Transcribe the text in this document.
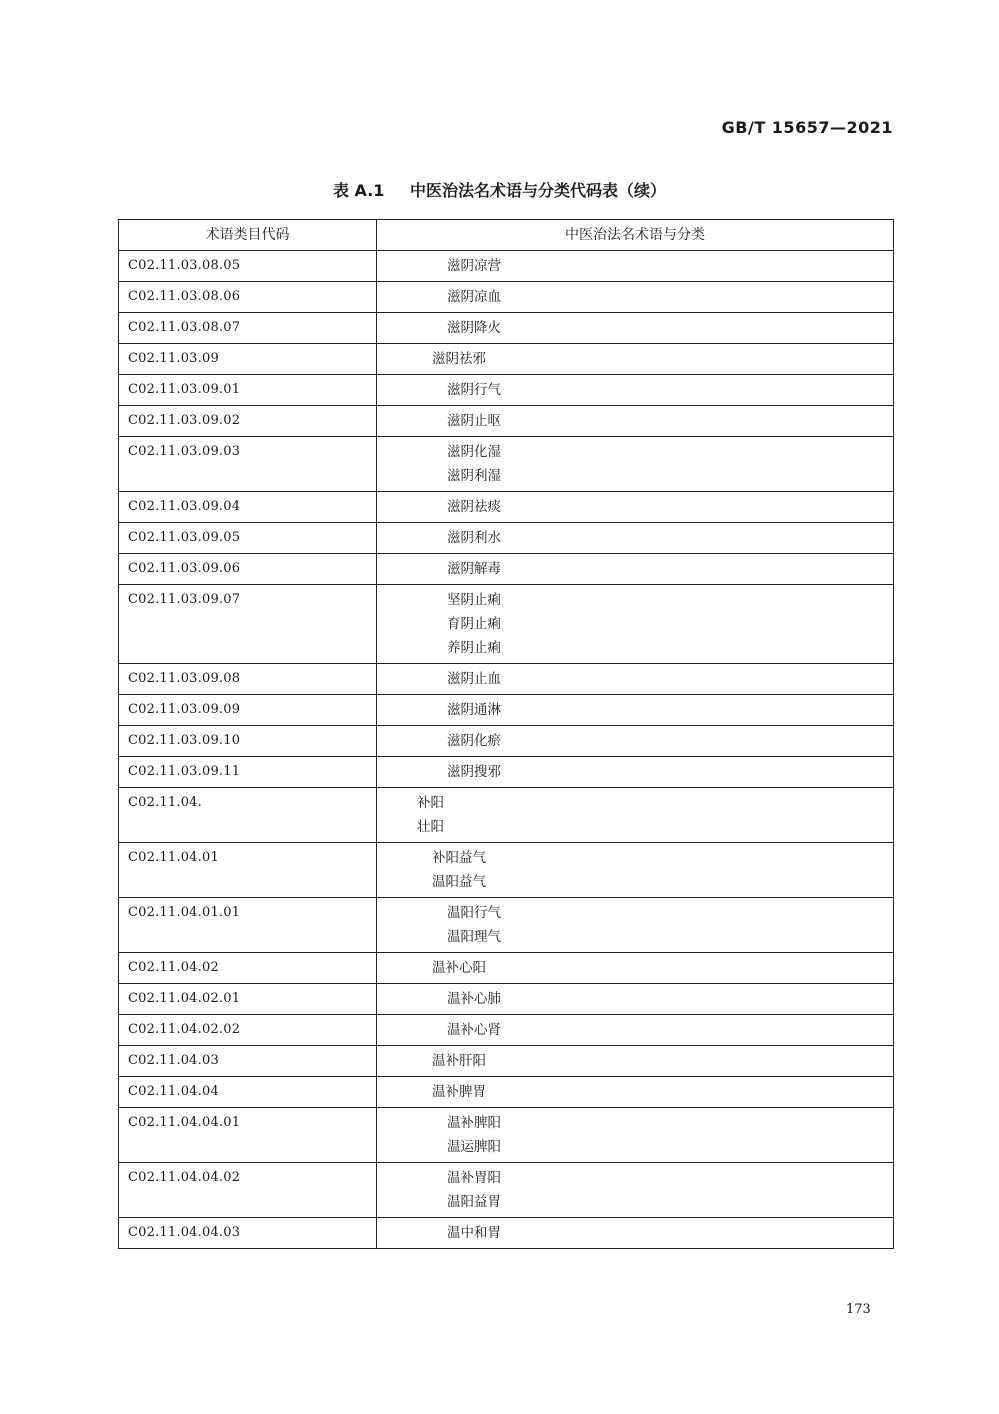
GB/T 15657—2021
表 A.1 中医治法名术语与分类代码表（续）
术语类目代码	中医治法名术语与分类
C02.11.03.08.05	滋阴凉营

C02.11.03.08.06	滋阴凉血

C02.11.03.08.07	滋阴降火

C02.11.03.09	滋阴祛邪

C02.11.03.09.01	滋阴行气

C02.11.03.09.02	滋阴止呕

C02.11.03.09.03	滋阴化湿
滋阴利湿

C02.11.03.09.04	滋阴祛痰

C02.11.03.09.05	滋阴利水

C02.11.03.09.06	滋阴解毒

C02.11.03.09.07	坚阴止痢
育阴止痢
养阴止痢

C02.11.03.09.08	滋阴止血

C02.11.03.09.09	滋阴通淋

C02.11.03.09.10	滋阴化瘀

C02.11.03.09.11	滋阴搜邪

C02.11.04.	补阳
壮阳

C02.11.04.01	补阳益气
温阳益气

C02.11.04.01.01	温阳行气
温阳理气

C02.11.04.02	温补心阳

C02.11.04.02.01	温补心肺

C02.11.04.02.02	温补心肾

C02.11.04.03	温补肝阳

C02.11.04.04	温补脾胃

C02.11.04.04.01	温补脾阳
温运脾阳

C02.11.04.04.02	温补胃阳
温阳益胃

C02.11.04.04.03	温中和胃
173
